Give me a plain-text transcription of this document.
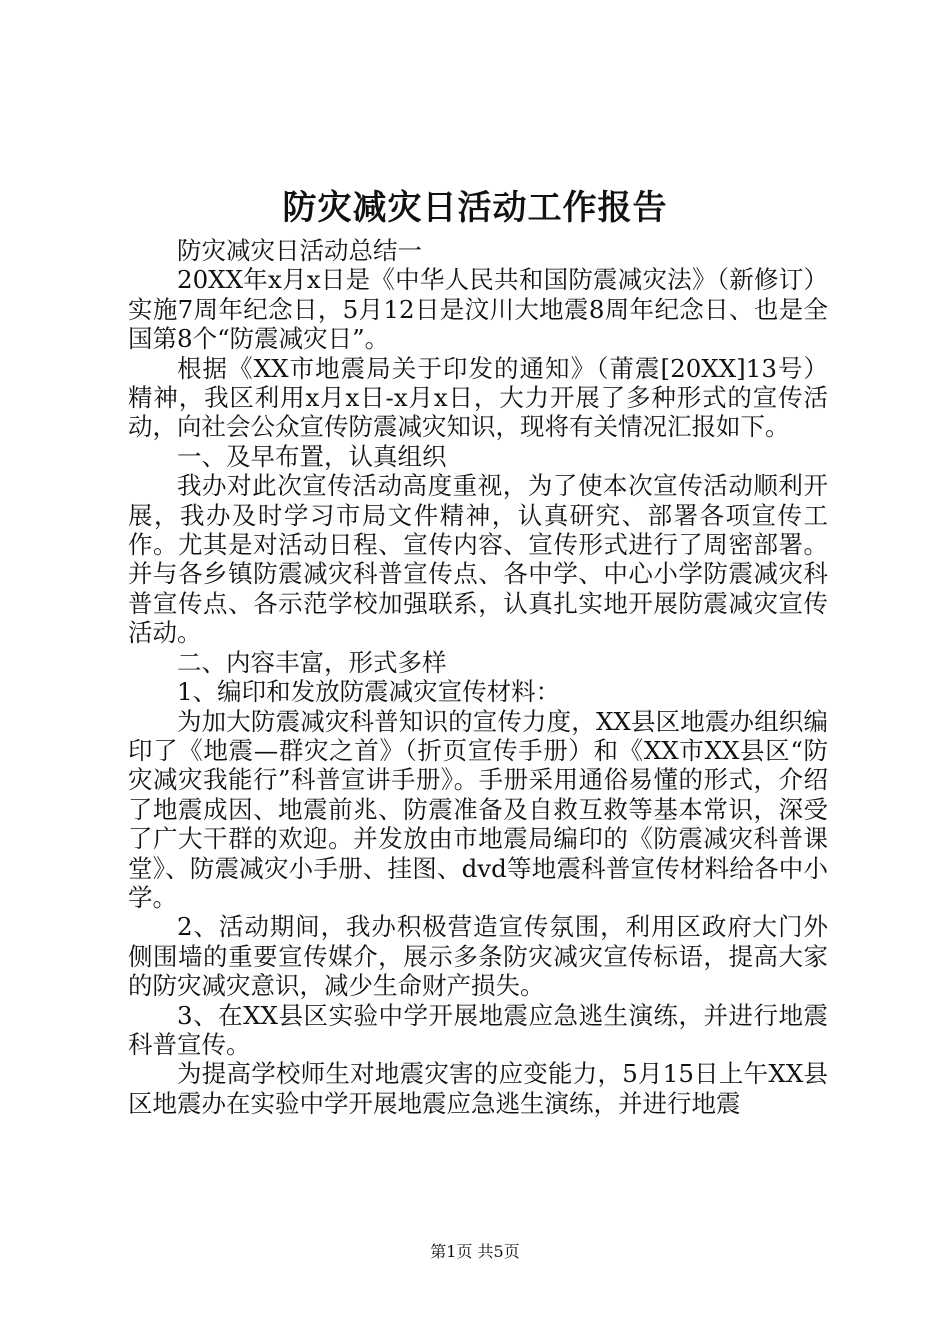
防灾减灾日活动工作报告

防灾减灾日活动总结一

20XX年x月x日是《中华人民共和国防震减灾法》（新修订）实施7周年纪念日，5月12日是汶川大地震8周年纪念日、也是全国第8个“防震减灾日”。

根据《XX市地震局关于印发的通知》（莆震[20XX]13号）精神，我区利用x月x日-x月x日，大力开展了多种形式的宣传活动，向社会公众宣传防震减灾知识，现将有关情况汇报如下。

一、及早布置，认真组织

我办对此次宣传活动高度重视，为了使本次宣传活动顺利开展，我办及时学习市局文件精神，认真研究、部署各项宣传工作。尤其是对活动日程、宣传内容、宣传形式进行了周密部署。并与各乡镇防震减灾科普宣传点、各中学、中心小学防震减灾科普宣传点、各示范学校加强联系，认真扎实地开展防震减灾宣传活动。

二、内容丰富，形式多样

1、编印和发放防震减灾宣传材料：

为加大防震减灾科普知识的宣传力度，XX县区地震办组织编印了《地震—群灾之首》（折页宣传手册）和《XX市XX县区“防灾减灾我能行”科普宣讲手册》。手册采用通俗易懂的形式，介绍了地震成因、地震前兆、防震准备及自救互救等基本常识，深受了广大干群的欢迎。并发放由市地震局编印的《防震减灾科普课堂》、防震减灾小手册、挂图、dvd等地震科普宣传材料给各中小学。

2、活动期间，我办积极营造宣传氛围，利用区政府大门外侧围墙的重要宣传媒介，展示多条防灾减灾宣传标语，提高大家的防灾减灾意识，减少生命财产损失。

3、在XX县区实验中学开展地震应急逃生演练，并进行地震科普宣传。

为提高学校师生对地震灾害的应变能力，5月15日上午XX县区地震办在实验中学开展地震应急逃生演练，并进行地震

第1页 共5页
